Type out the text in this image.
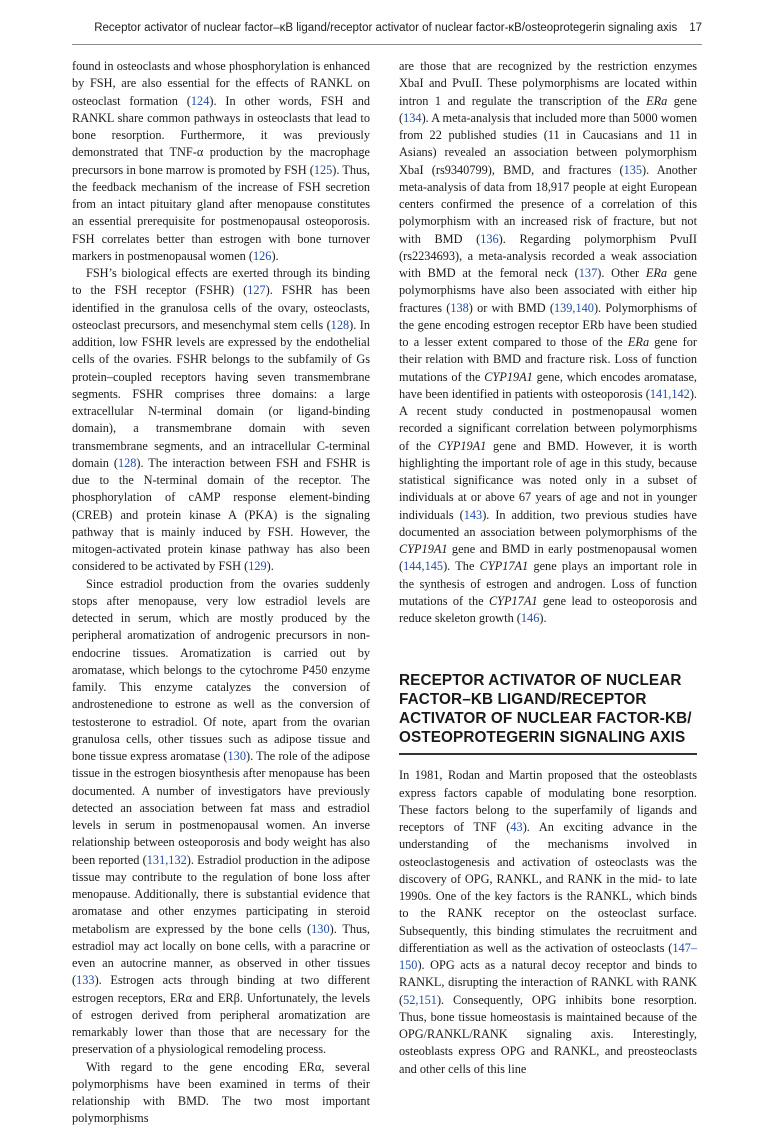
Receptor activator of nuclear factor–κB ligand/receptor activator of nuclear factor-κB/osteoprotegerin signaling axis 17

found in osteoclasts and whose phosphorylation is enhanced by FSH, are also essential for the effects of RANKL on osteoclast formation (124). In other words, FSH and RANKL share common pathways in osteoclasts that lead to bone resorption. Furthermore, it was previously demonstrated that TNF-α production by the macrophage precursors in bone marrow is promoted by FSH (125). Thus, the feedback mechanism of the increase of FSH secretion from an intact pituitary gland after menopause constitutes an essential prerequisite for postmenopausal osteoporosis. FSH correlates better than estrogen with bone turnover markers in postmenopausal women (126).

FSH’s biological effects are exerted through its binding to the FSH receptor (FSHR) (127). FSHR has been identified in the granulosa cells of the ovary, osteoclasts, osteoclast precursors, and mesenchymal stem cells (128). In addition, low FSHR levels are expressed by the endothelial cells of the ovaries. FSHR belongs to the subfamily of Gs protein–coupled receptors having seven transmembrane segments. FSHR comprises three domains: a large extracellular N-terminal domain (or ligand-binding domain), a transmembrane domain with seven transmembrane segments, and an intracellular C-terminal domain (128). The interaction between FSH and FSHR is due to the N-terminal domain of the receptor. The phosphorylation of cAMP response element-binding (CREB) and protein kinase A (PKA) is the signaling pathway that is mainly induced by FSH. However, the mitogen-activated protein kinase pathway has also been considered to be activated by FSH (129).

Since estradiol production from the ovaries suddenly stops after menopause, very low estradiol levels are detected in serum, which are mostly produced by the peripheral aromatization of androgenic precursors in non-endocrine tissues. Aromatization is carried out by aromatase, which belongs to the cytochrome P450 enzyme family. This enzyme catalyzes the conversion of androstenedione to estrone as well as the conversion of testosterone to estradiol. Of note, apart from the ovarian granulosa cells, other tissues such as adipose tissue and bone tissue express aromatase (130). The role of the adipose tissue in the estrogen biosynthesis after menopause has been documented. A number of investigators have previously detected an association between fat mass and estradiol levels in serum in postmenopausal women. An inverse relationship between osteoporosis and body weight has also been reported (131,132). Estradiol production in the adipose tissue may contribute to the regulation of bone loss after menopause. Additionally, there is substantial evidence that aromatase and other enzymes participating in steroid metabolism are expressed by the bone cells (130). Thus, estradiol may act locally on bone cells, with a paracrine or even an autocrine manner, as observed in other tissues (133). Estrogen acts through binding at two different estrogen receptors, ERα and ERβ. Unfortunately, the levels of estrogen derived from peripheral aromatization are remarkably lower than those that are necessary for the preservation of a physiological remodeling process.

With regard to the gene encoding ERα, several polymorphisms have been examined in terms of their relationship with BMD. The two most important polymorphisms

are those that are recognized by the restriction enzymes XbaI and PvuII. These polymorphisms are located within intron 1 and regulate the transcription of the ERa gene (134). A meta-analysis that included more than 5000 women from 22 published studies (11 in Caucasians and 11 in Asians) revealed an association between polymorphism XbaI (rs9340799), BMD, and fractures (135). Another meta-analysis of data from 18,917 people at eight European centers confirmed the presence of a correlation of this polymorphism with an increased risk of fracture, but not with BMD (136). Regarding polymorphism PvuII (rs2234693), a meta-analysis recorded a weak association with BMD at the femoral neck (137). Other ERa gene polymorphisms have also been associated with either hip fractures (138) or with BMD (139,140). Polymorphisms of the gene encoding estrogen receptor ERb have been studied to a lesser extent compared to those of the ERa gene for their relation with BMD and fracture risk. Loss of function mutations of the CYP19A1 gene, which encodes aromatase, have been identified in patients with osteoporosis (141,142). A recent study conducted in postmenopausal women recorded a significant correlation between polymorphisms of the CYP19A1 gene and BMD. However, it is worth highlighting the important role of age in this study, because statistical significance was noted only in a subset of individuals at or above 67 years of age and not in younger individuals (143). In addition, two previous studies have documented an association between polymorphisms of the CYP19A1 gene and BMD in early postmenopausal women (144,145). The CYP17A1 gene plays an important role in the synthesis of estrogen and androgen. Loss of function mutations of the CYP17A1 gene lead to osteoporosis and reduce skeleton growth (146).

RECEPTOR ACTIVATOR OF NUCLEAR FACTOR–ΚB LIGAND/RECEPTOR ACTIVATOR OF NUCLEAR FACTOR-ΚB/ OSTEOPROTEGERIN SIGNALING AXIS

In 1981, Rodan and Martin proposed that the osteoblasts express factors capable of modulating bone resorption. These factors belong to the superfamily of ligands and receptors of TNF (43). An exciting advance in the understanding of the mechanisms involved in osteoclastogenesis and activation of osteoclasts was the discovery of OPG, RANKL, and RANK in the mid- to late 1990s. One of the key factors is the RANKL, which binds to the RANK receptor on the osteoclast surface. Subsequently, this binding stimulates the recruitment and differentiation as well as the activation of osteoclasts (147–150). OPG acts as a natural decoy receptor and binds to RANKL, disrupting the interaction of RANKL with RANK (52,151). Consequently, OPG inhibits bone resorption. Thus, bone tissue homeostasis is maintained because of the OPG/RANKL/RANK signaling axis. Interestingly, osteoblasts express OPG and RANKL, and preosteoclasts and other cells of this line
